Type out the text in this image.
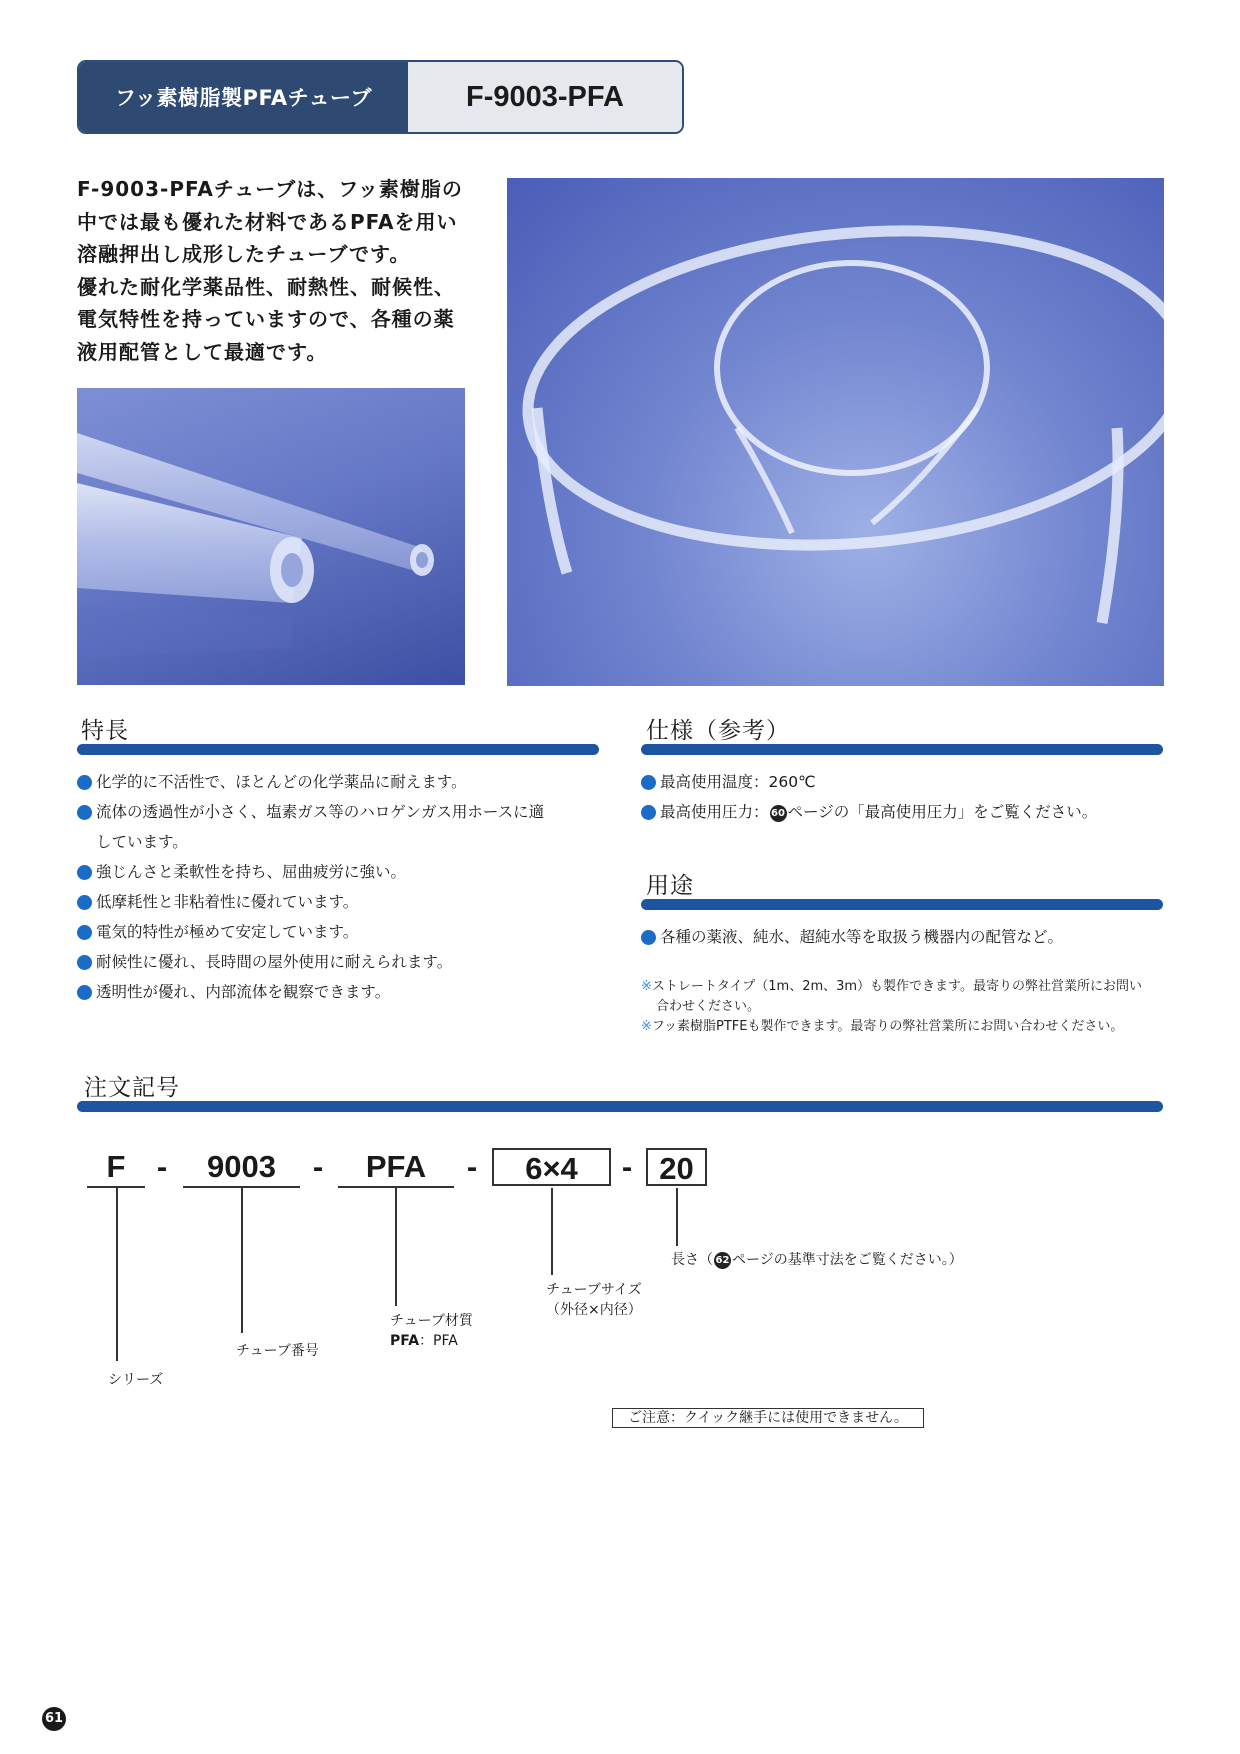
フッ素樹脂製PFAチューブ	F-9003-PFA

F-9003-PFAチューブは、フッ素樹脂の

中では最も優れた材料であるPFAを用い

溶融押出し成形したチューブです。

優れた耐化学薬品性、耐熱性、耐候性、

電気特性を持っていますので、各種の薬

液用配管として最適です。

特長
化学的に不活性で、ほとんどの化学薬品に耐えます。
流体の透過性が小さく、塩素ガス等のハロゲンガス用ホースに適
しています。
強じんさと柔軟性を持ち、屈曲疲労に強い。
低摩耗性と非粘着性に優れています。
電気的特性が極めて安定しています。
耐候性に優れ、長時間の屋外使用に耐えられます。
透明性が優れ、内部流体を観察できます。
仕様（参考）
最高使用温度：260℃
最高使用圧力： 60 ページの「最高使用圧力」をご覧ください。
用途
各種の薬液、純水、超純水等を取扱う機器内の配管など。
※ストレートタイプ（1m、2m、3m）も製作できます。最寄りの弊社営業所にお問い
合わせください。
※フッ素樹脂PTFEも製作できます。最寄りの弊社営業所にお問い合わせください。
注文記号
F	-	9003	-	PFA	-	6×4	- 20
シリーズ
チューブ番号
チューブ材質
PFA：PFA
チューブサイズ
（外径×内径）
長さ（ 62 ページの基準寸法をご覧ください。）
ご注意：クイック継手には使用できません。
61
